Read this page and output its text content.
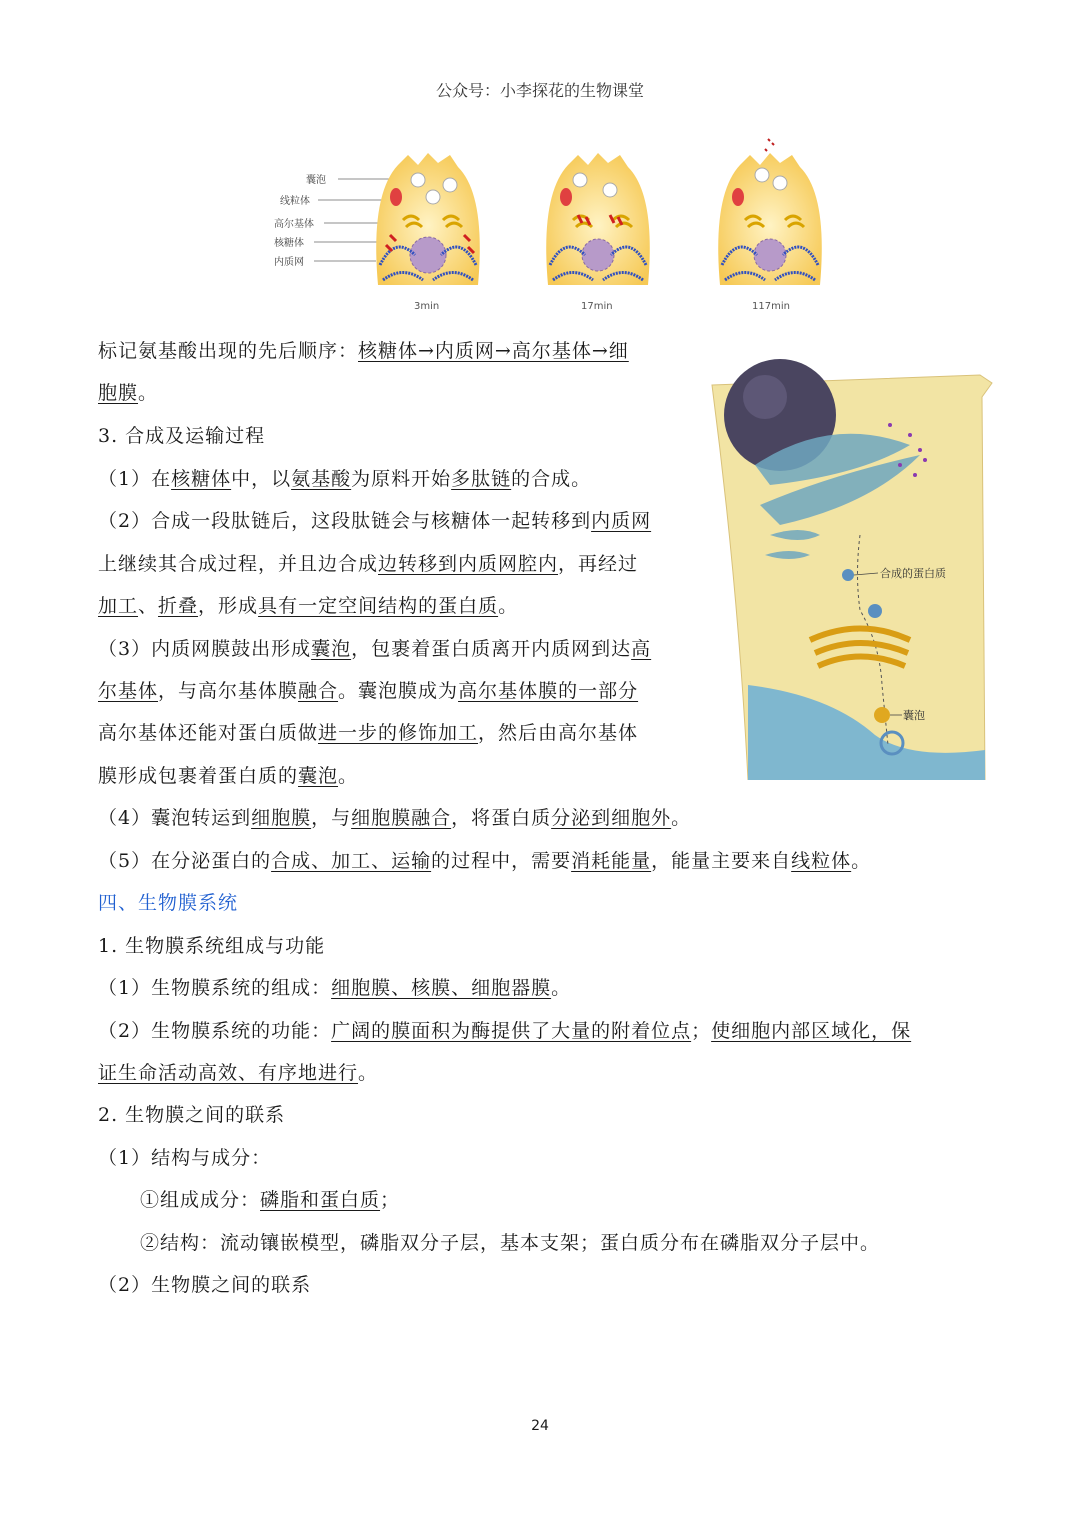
公众号：小李探花的生物课堂
囊泡
线粒体
高尔基体
核糖体
内质网
3min	17min	117min
合成的蛋白质
囊泡
标记氨基酸出现的先后顺序：核糖体→内质网→高尔基体→细
胞膜。
3. 合成及运输过程
（1）在核糖体中，以氨基酸为原料开始多肽链的合成。
（2）合成一段肽链后，这段肽链会与核糖体一起转移到内质网
上继续其合成过程，并且边合成边转移到内质网腔内，再经过
加工、折叠，形成具有一定空间结构的蛋白质。
（3）内质网膜鼓出形成囊泡，包裹着蛋白质离开内质网到达高
尔基体，与高尔基体膜融合。囊泡膜成为高尔基体膜的一部分
高尔基体还能对蛋白质做进一步的修饰加工，然后由高尔基体
膜形成包裹着蛋白质的囊泡。
（4）囊泡转运到细胞膜，与细胞膜融合，将蛋白质分泌到细胞外。
（5）在分泌蛋白的合成、加工、运输的过程中，需要消耗能量，能量主要来自线粒体。
四、生物膜系统
1. 生物膜系统组成与功能
（1）生物膜系统的组成：细胞膜、核膜、细胞器膜。
（2）生物膜系统的功能：广阔的膜面积为酶提供了大量的附着位点；使细胞内部区域化，保
证生命活动高效、有序地进行。
2. 生物膜之间的联系
（1）结构与成分：
①组成成分：磷脂和蛋白质；
②结构：流动镶嵌模型，磷脂双分子层，基本支架；蛋白质分布在磷脂双分子层中。
（2）生物膜之间的联系
24
